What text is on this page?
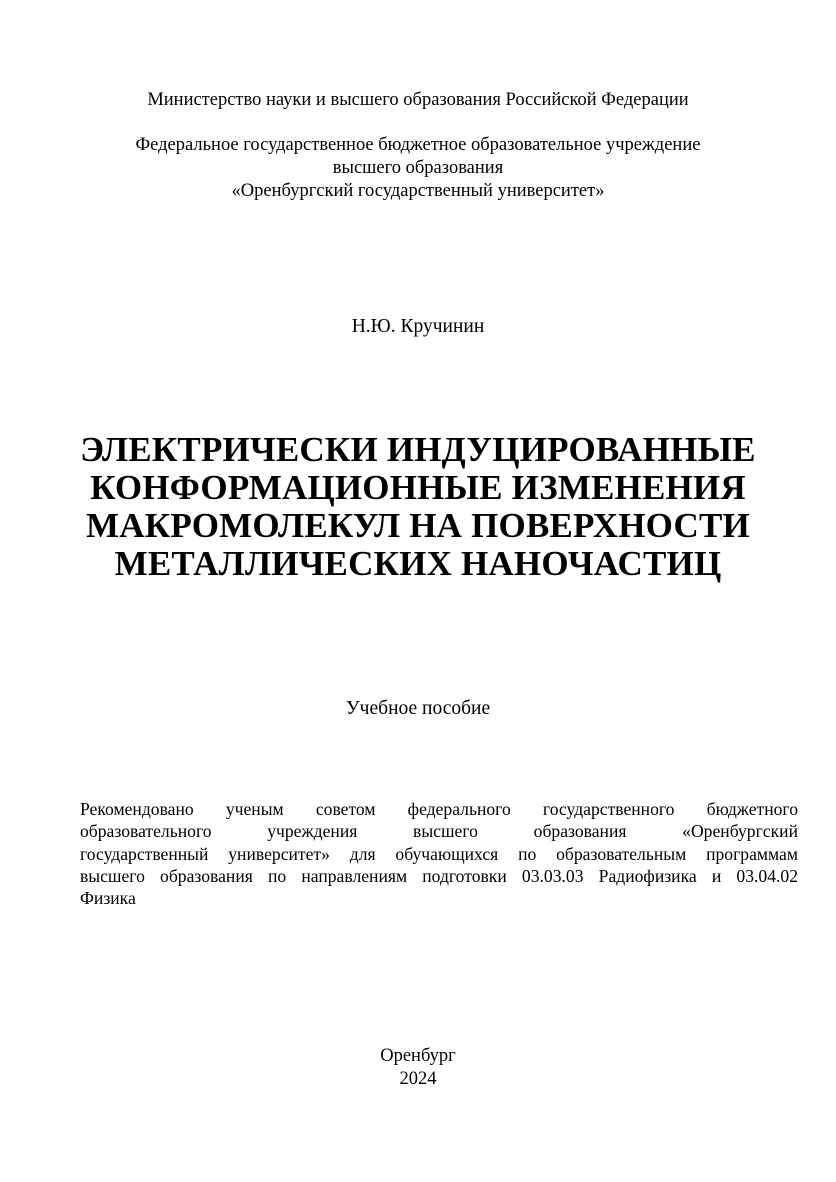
Министерство науки и высшего образования Российской Федерации
Федеральное государственное бюджетное образовательное учреждение
высшего образования
«Оренбургский государственный университет»
Н.Ю. Кручинин
ЭЛЕКТРИЧЕСКИ ИНДУЦИРОВАННЫЕ
КОНФОРМАЦИОННЫЕ ИЗМЕНЕНИЯ
МАКРОМОЛЕКУЛ НА ПОВЕРХНОСТИ
МЕТАЛЛИЧЕСКИХ НАНОЧАСТИЦ
Учебное пособие
Рекомендовано ученым советом федерального государственного бюджетного
образовательного учреждения высшего образования «Оренбургский
государственный университет» для обучающихся по образовательным программам
высшего образования по направлениям подготовки 03.03.03 Радиофизика и 03.04.02
Физика
Оренбург
2024
